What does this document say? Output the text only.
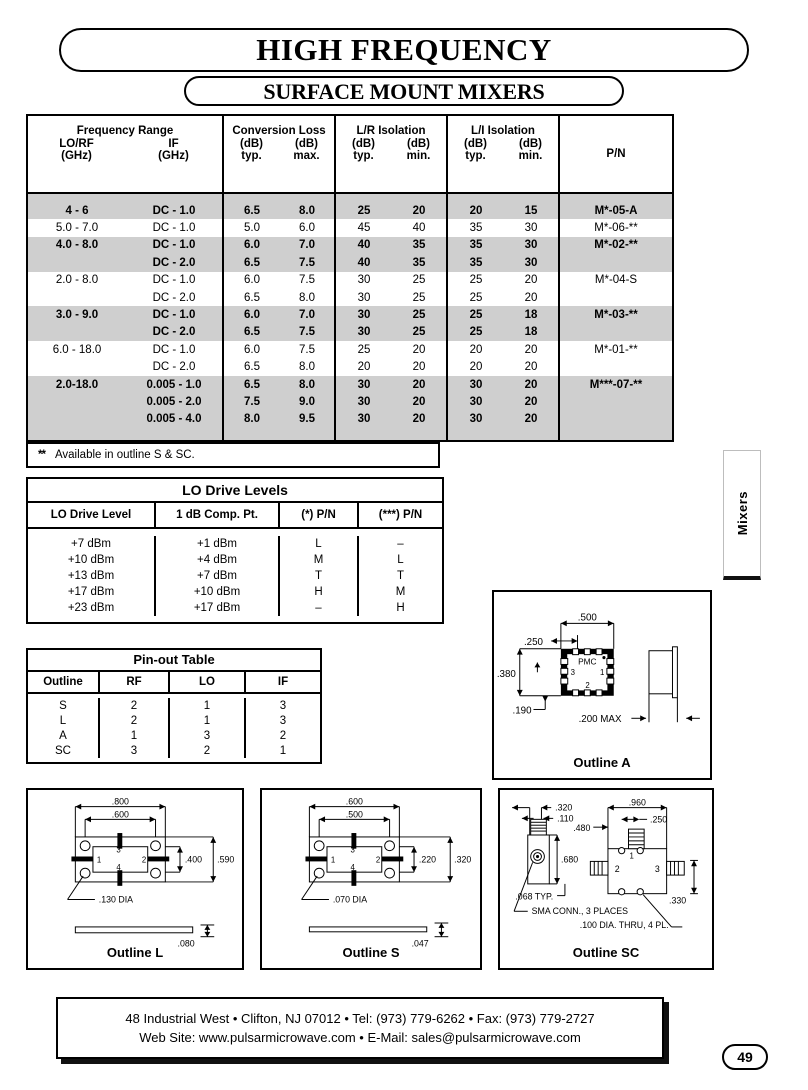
HIGH FREQUENCY
SURFACE MOUNT MIXERS
Frequency Range
LO/RF	IF
(GHz)	(GHz)
Conversion Loss
(dB)	(dB)
typ.	max.
L/R Isolation
(dB)	(dB)
typ.	min.
L/I Isolation
(dB)	(dB)
typ.	min.	P/N
4 - 6	DC - 1.0	6.5	8.0	25	20	20	15	M*-05-A
5.0 - 7.0	DC - 1.0	5.0	6.0	45	40	35	30	M*-06-**
4.0 - 8.0	DC - 1.0	6.0	7.0	40	35	35	30	M*-02-**
DC - 2.0	6.5	7.5	40	35	35	30
2.0 - 8.0	DC - 1.0	6.0	7.5	30	25	25	20	M*-04-S
DC - 2.0	6.5	8.0	30	25	25	20
3.0 - 9.0	DC - 1.0	6.0	7.0	30	25	25	18	M*-03-**
DC - 2.0	6.5	7.5	30	25	25	18
6.0 - 18.0	DC - 1.0	6.0	7.5	25	20	20	20	M*-01-**
DC - 2.0	6.5	8.0	20	20	20	20
2.0-18.0	0.005 - 1.0	6.5	8.0	30	20	30	20	M***-07-**
0.005 - 2.0	7.5	9.0	30	20	30	20
0.005 - 4.0	8.0	9.5	30	20	30	20
** Available in outline S & SC.
LO Drive Levels
LO Drive Level	1 dB Comp. Pt.	(*) P/N	(***) P/N
+7 dBm	+1 dBm	L	–
+10 dBm	+4 dBm	M	L
+13 dBm	+7 dBm	T	T
+17 dBm	+10 dBm	H	M
+23 dBm	+17 dBm	–	H
Pin-out Table
Outline	RF	LO	IF
S	2	1	3
L	2	1	3
A	1	3	2
SC	3	2	1
Mixers
.500
.250
PMC
3	1
2
.380
.190
.200 MAX
Outline A
.800
.600
1	2
3
4
.400 .590
.130 DIA
.080
Outline L
.600
.500
1	2
3
4
.220 .320
.070 DIA
.047
Outline S
.320
.110
.680
.068 TYP.
.480
.960
.250
1
2	3
.330
SMA CONN., 3 PLACES
.100 DIA. THRU, 4 PL.
Outline SC
48 Industrial West • Clifton, NJ 07012 • Tel: (973) 779-6262 • Fax: (973) 779-2727
Web Site: www.pulsarmicrowave.com • E-Mail: sales@pulsarmicrowave.com
49
